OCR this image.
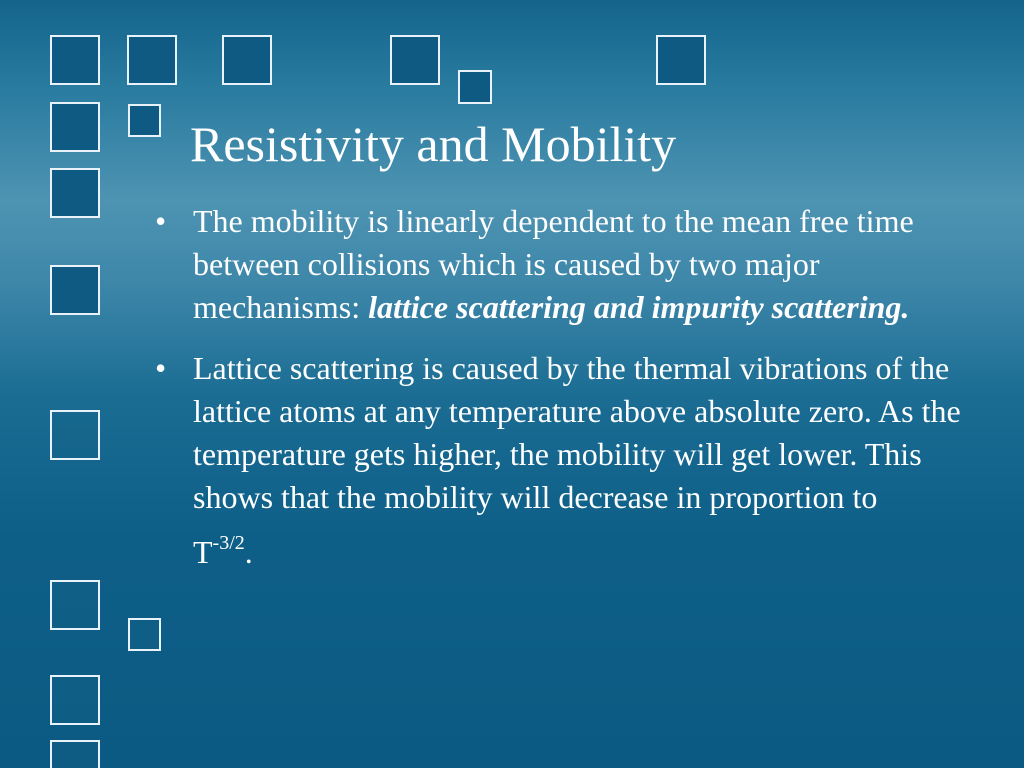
Resistivity and Mobility
• The mobility is linearly dependent to the mean free time between collisions which is caused by two major mechanisms: lattice scattering and impurity scattering.
• Lattice scattering is caused by the thermal vibrations of the lattice atoms at any temperature above absolute zero. As the temperature gets higher, the mobility will get lower. This shows that the mobility will decrease in proportion to
$T^{-3/2}$.
